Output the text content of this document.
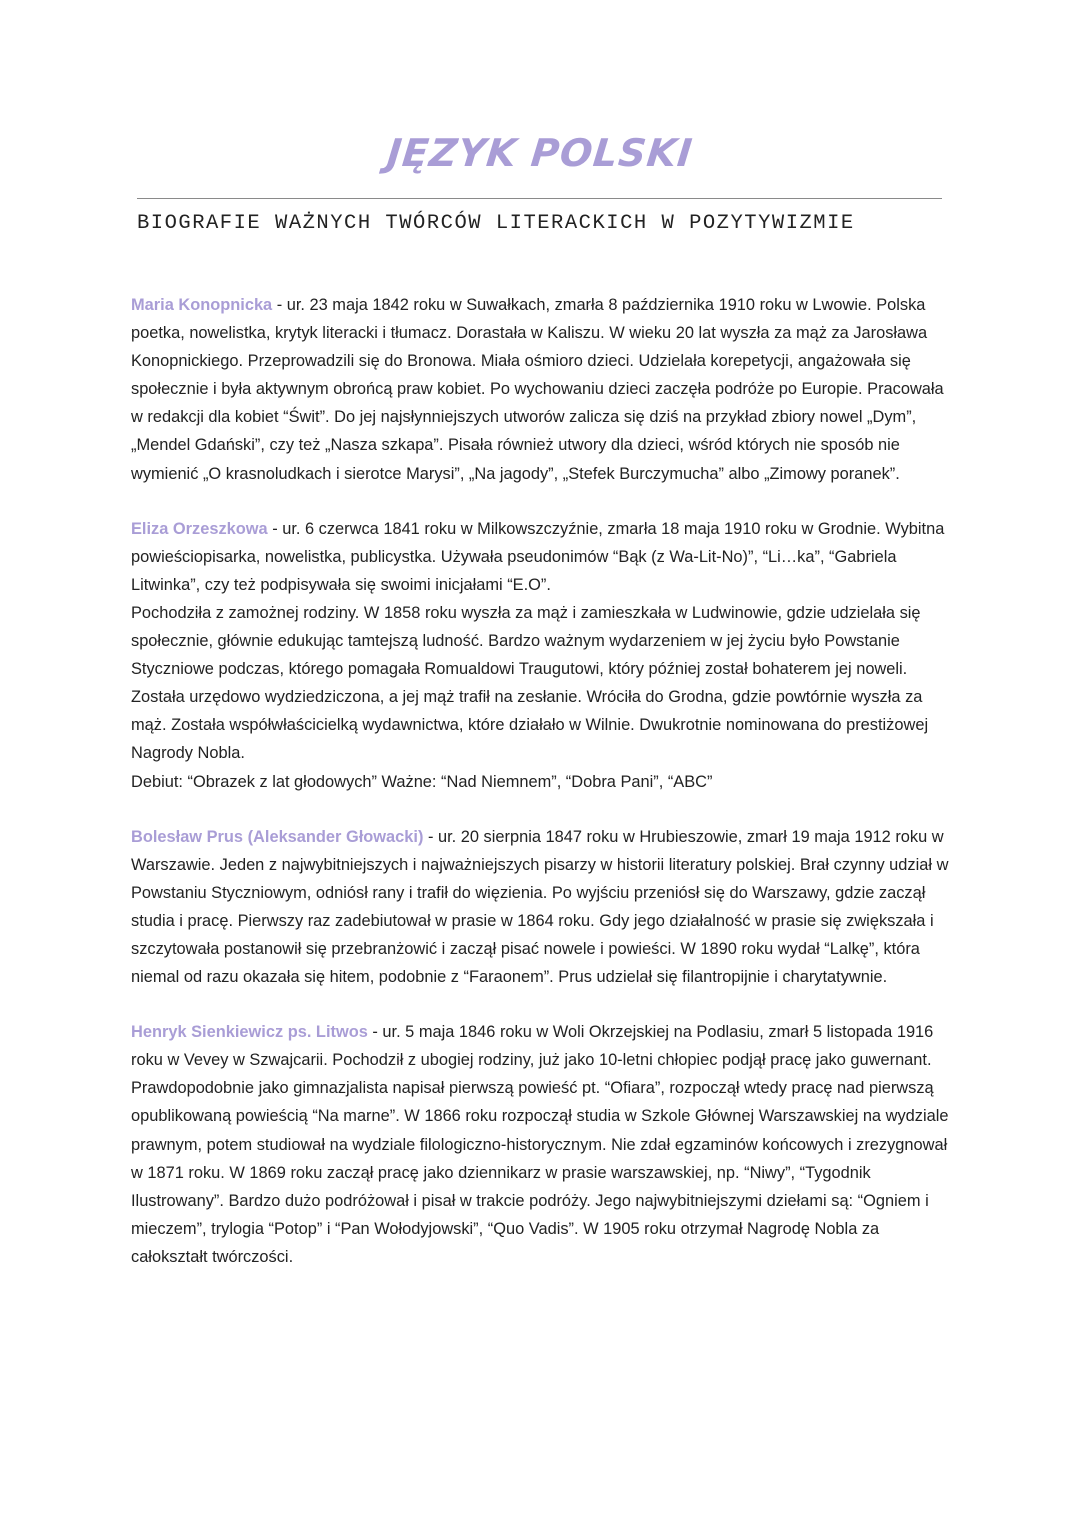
JĘZYK POLSKI
BIOGRAFIE WAŻNYCH TWÓRCÓW LITERACKICH W POZYTYWIZMIE

Maria Konopnicka - ur. 23 maja 1842 roku w Suwałkach, zmarła 8 października 1910 roku w Lwowie. Polska poetka, nowelistka, krytyk literacki i tłumacz. Dorastała w Kaliszu. W wieku 20 lat wyszła za mąż za Jarosława Konopnickiego. Przeprowadzili się do Bronowa. Miała ośmioro dzieci. Udzielała korepetycji, angażowała się społecznie i była aktywnym obrońcą praw kobiet. Po wychowaniu dzieci zaczęła podróże po Europie. Pracowała w redakcji dla kobiet “Świt”. Do jej najsłynniejszych utworów zalicza się dziś na przykład zbiory nowel „Dym”, „Mendel Gdański”, czy też „Nasza szkapa”. Pisała również utwory dla dzieci, wśród których nie sposób nie wymienić „O krasnoludkach i sierotce Marysi”, „Na jagody”, „Stefek Burczymucha” albo „Zimowy poranek”.

Eliza Orzeszkowa - ur. 6 czerwca 1841 roku w Milkowszczyźnie, zmarła 18 maja 1910 roku w Grodnie. Wybitna powieściopisarka, nowelistka, publicystka. Używała pseudonimów “Bąk (z Wa-Lit-No)”, “Li…ka”, “Gabriela Litwinka”, czy też podpisywała się swoimi inicjałami “E.O”.
Pochodziła z zamożnej rodziny. W 1858 roku wyszła za mąż i zamieszkała w Ludwinowie, gdzie udzielała się społecznie, głównie edukując tamtejszą ludność. Bardzo ważnym wydarzeniem w jej życiu było Powstanie Styczniowe podczas, którego pomagała Romualdowi Traugutowi, który później został bohaterem jej noweli. Została urzędowo wydziedziczona, a jej mąż trafił na zesłanie. Wróciła do Grodna, gdzie powtórnie wyszła za mąż. Została współwłaścicielką wydawnictwa, które działało w Wilnie. Dwukrotnie nominowana do prestiżowej Nagrody Nobla.
Debiut: “Obrazek z lat głodowych” Ważne: “Nad Niemnem”, “Dobra Pani”, “ABC”

Bolesław Prus (Aleksander Głowacki) - ur. 20 sierpnia 1847 roku w Hrubieszowie, zmarł 19 maja 1912 roku w Warszawie. Jeden z najwybitniejszych i najważniejszych pisarzy w historii literatury polskiej. Brał czynny udział w Powstaniu Styczniowym, odniósł rany i trafił do więzienia. Po wyjściu przeniósł się do Warszawy, gdzie zaczął studia i pracę. Pierwszy raz zadebiutował w prasie w 1864 roku. Gdy jego działalność w prasie się zwiększała i szczytowała postanowił się przebranżowić i zaczął pisać nowele i powieści. W 1890 roku wydał “Lalkę”, która niemal od razu okazała się hitem, podobnie z “Faraonem”. Prus udzielał się filantropijnie i charytatywnie.

Henryk Sienkiewicz ps. Litwos - ur. 5 maja 1846 roku w Woli Okrzejskiej na Podlasiu, zmarł 5 listopada 1916 roku w Vevey w Szwajcarii. Pochodził z ubogiej rodziny, już jako 10-letni chłopiec podjął pracę jako guwernant. Prawdopodobnie jako gimnazjalista napisał pierwszą powieść pt. “Ofiara”, rozpoczął wtedy pracę nad pierwszą opublikowaną powieścią “Na marne”. W 1866 roku rozpoczął studia w Szkole Głównej Warszawskiej na wydziale prawnym, potem studiował na wydziale filologiczno-historycznym. Nie zdał egzaminów końcowych i zrezygnował w 1871 roku. W 1869 roku zaczął pracę jako dziennikarz w prasie warszawskiej, np. “Niwy”, “Tygodnik Ilustrowany”. Bardzo dużo podróżował i pisał w trakcie podróży. Jego najwybitniejszymi dziełami są: “Ogniem i mieczem”, trylogia “Potop” i “Pan Wołodyjowski”, “Quo Vadis”. W 1905 roku otrzymał Nagrodę Nobla za całokształt twórczości.
